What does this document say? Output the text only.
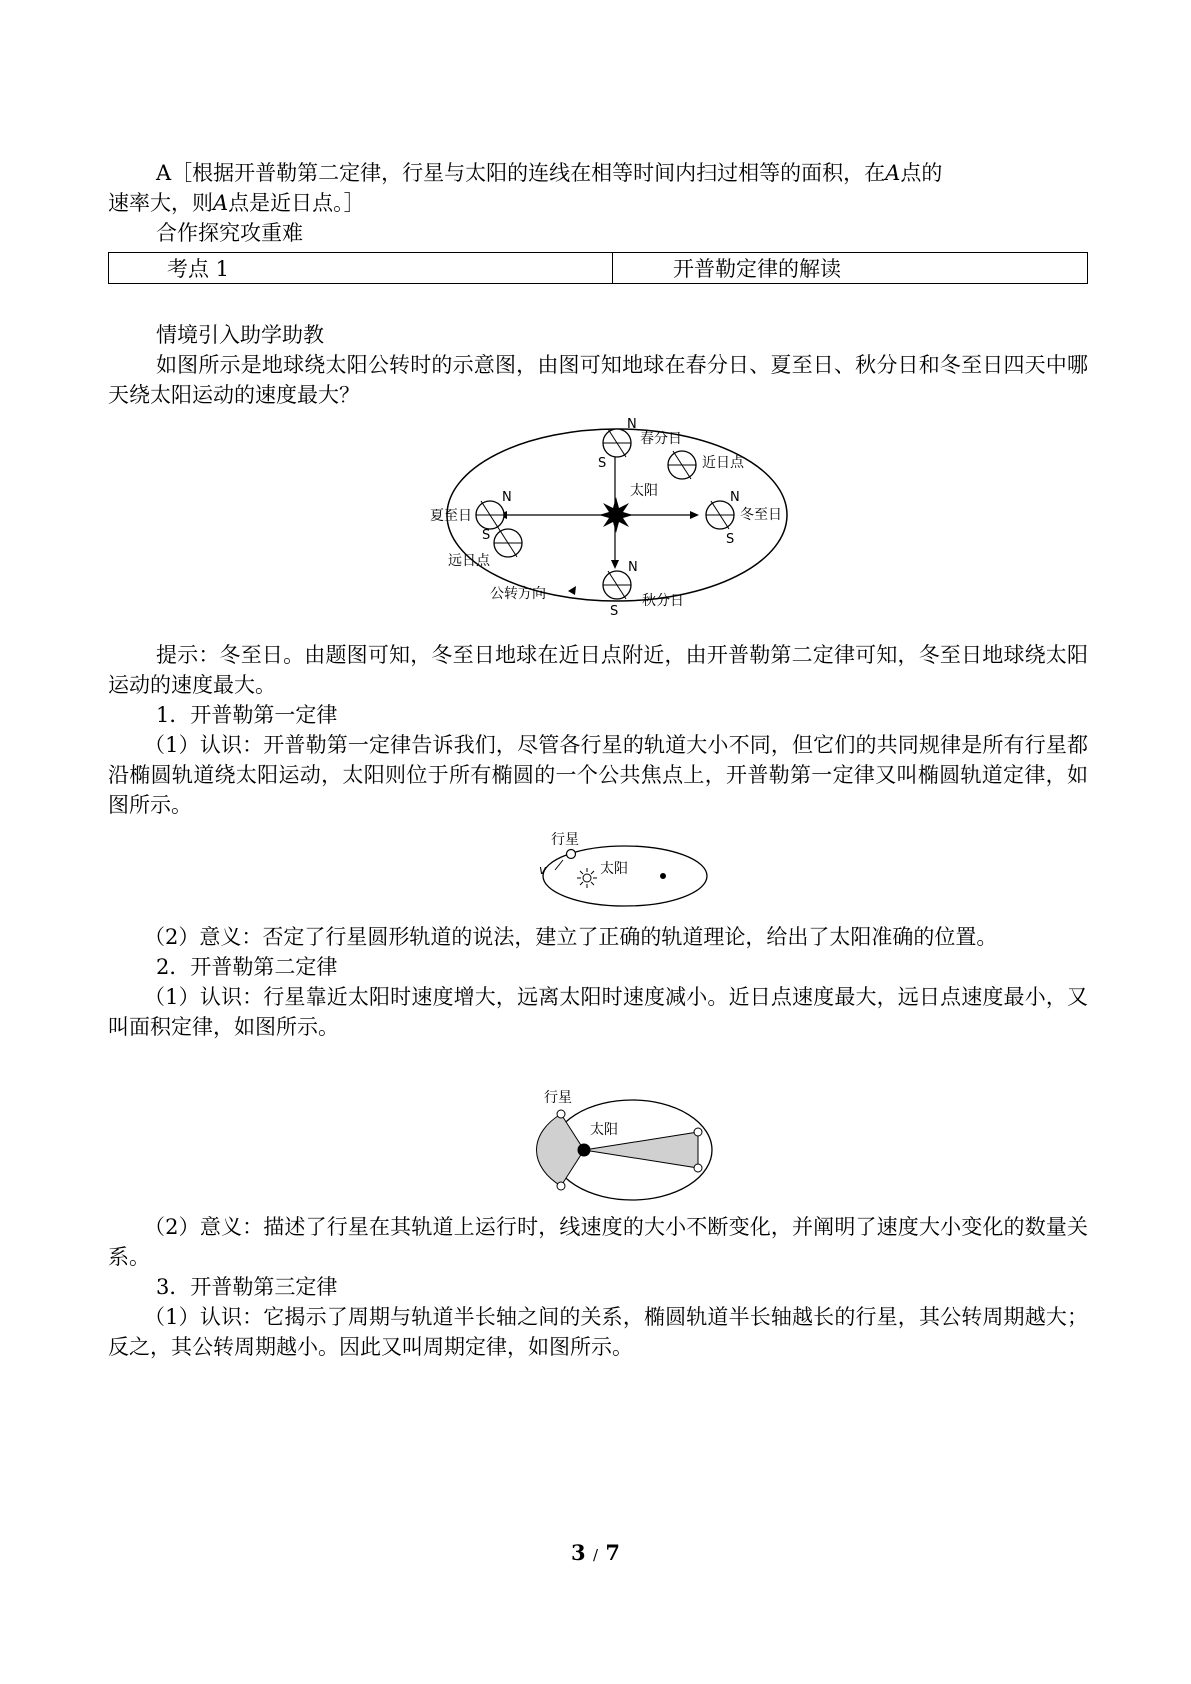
A［根据开普勒第二定律，行星与太阳的连线在相等时间内扫过相等的面积，在A点的

速率大，则A点是近日点。］

合作探究攻重难

考点 1	开普勒定律的解读

情境引入助学助教

如图所示是地球绕太阳公转时的示意图，由图可知地球在春分日、夏至日、秋分日和冬至日四天中哪天绕太阳运动的速度最大？

太阳
N
S
N
S
N
S
N
S
春分日
近日点
冬至日
夏至日
远日点
公转方向	秋分日

提示：冬至日。由题图可知，冬至日地球在近日点附近，由开普勒第二定律可知，冬至日地球绕太阳运动的速度最大。

1．开普勒第一定律

（1）认识：开普勒第一定律告诉我们，尽管各行星的轨道大小不同，但它们的共同规律是所有行星都沿椭圆轨道绕太阳运动，太阳则位于所有椭圆的一个公共焦点上，开普勒第一定律又叫椭圆轨道定律，如图所示。

行星
太阳
v

（2）意义：否定了行星圆形轨道的说法，建立了正确的轨道理论，给出了太阳准确的位置。

2．开普勒第二定律

（1）认识：行星靠近太阳时速度增大，远离太阳时速度减小。近日点速度最大，远日点速度最小，又叫面积定律，如图所示。

太阳
行星

（2）意义：描述了行星在其轨道上运行时，线速度的大小不断变化，并阐明了速度大小变化的数量关系。

3．开普勒第三定律

（1）认识：它揭示了周期与轨道半长轴之间的关系，椭圆轨道半长轴越长的行星，其公转周期越大；反之，其公转周期越小。因此又叫周期定律，如图所示。

3 / 7
